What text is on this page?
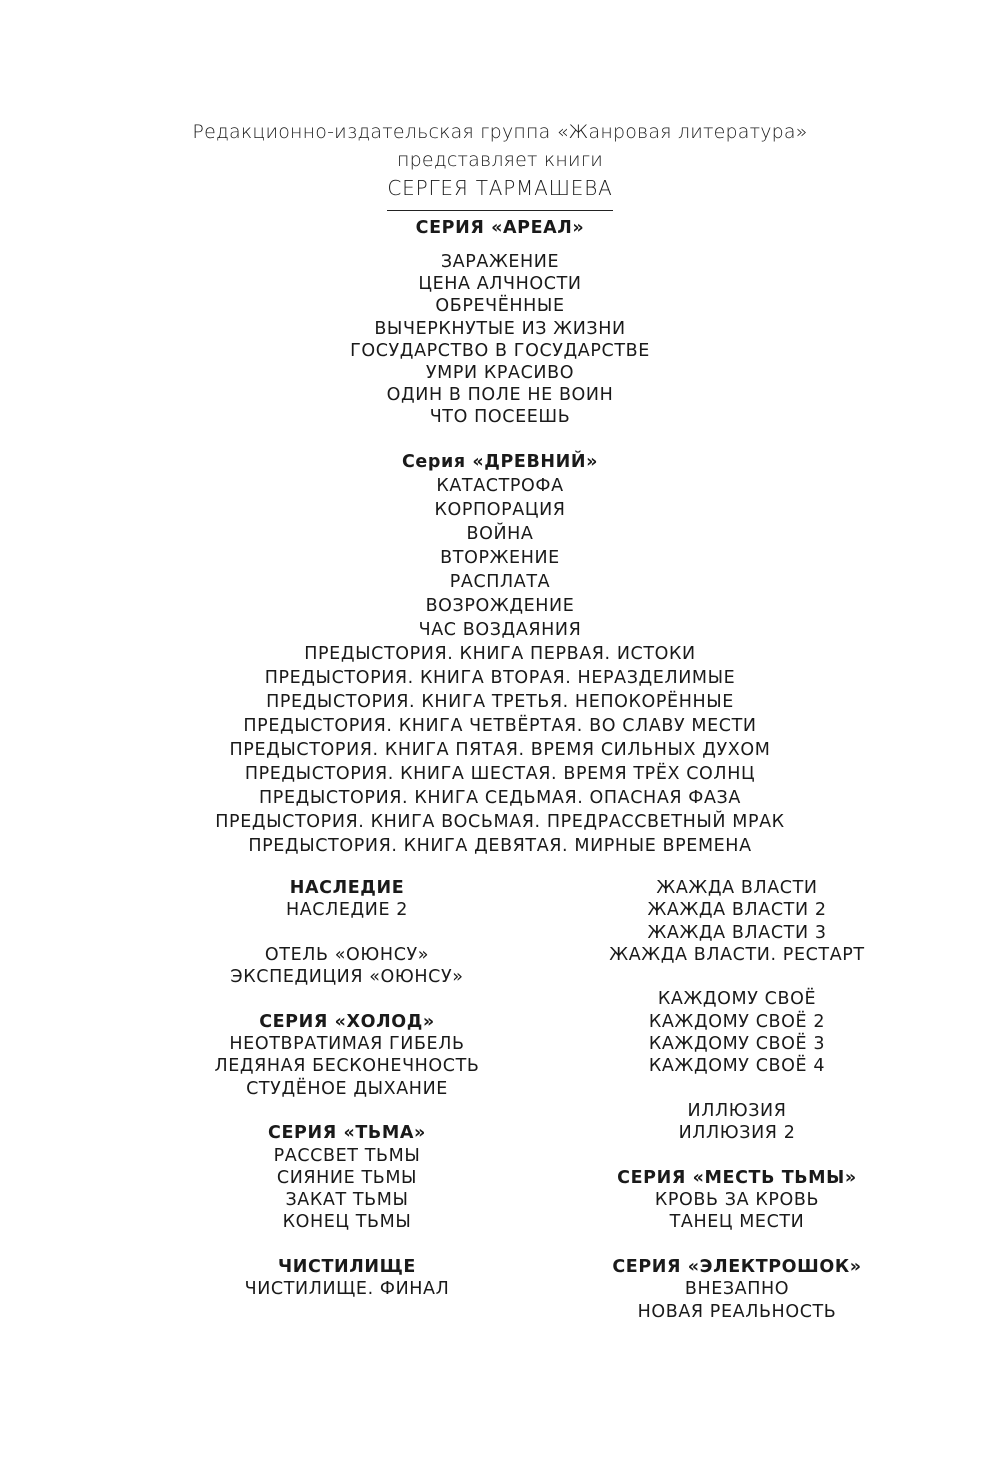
Редакционно-издательская группа «Жанровая литература»
представляет книги
СЕРГЕЯ ТАРМАШЕВА
СЕРИЯ «АРЕАЛ»
ЗАРАЖЕНИЕ
ЦЕНА АЛЧНОСТИ
ОБРЕЧЁННЫЕ
ВЫЧЕРКНУТЫЕ ИЗ ЖИЗНИ
ГОСУДАРСТВО В ГОСУДАРСТВЕ
УМРИ КРАСИВО
ОДИН В ПОЛЕ НЕ ВОИН
ЧТО ПОСЕЕШЬ
Серия «ДРЕВНИЙ»
КАТАСТРОФА
КОРПОРАЦИЯ
ВОЙНА
ВТОРЖЕНИЕ
РАСПЛАТА
ВОЗРОЖДЕНИЕ
ЧАС ВОЗДАЯНИЯ
ПРЕДЫСТОРИЯ. КНИГА ПЕРВАЯ. ИСТОКИ
ПРЕДЫСТОРИЯ. КНИГА ВТОРАЯ. НЕРАЗДЕЛИМЫЕ
ПРЕДЫСТОРИЯ. КНИГА ТРЕТЬЯ. НЕПОКОРЁННЫЕ
ПРЕДЫСТОРИЯ. КНИГА ЧЕТВЁРТАЯ. ВО СЛАВУ МЕСТИ
ПРЕДЫСТОРИЯ. КНИГА ПЯТАЯ. ВРЕМЯ СИЛЬНЫХ ДУХОМ
ПРЕДЫСТОРИЯ. КНИГА ШЕСТАЯ. ВРЕМЯ ТРЁХ СОЛНЦ
ПРЕДЫСТОРИЯ. КНИГА СЕДЬМАЯ. ОПАСНАЯ ФАЗА
ПРЕДЫСТОРИЯ. КНИГА ВОСЬМАЯ. ПРЕДРАССВЕТНЫЙ МРАК
ПРЕДЫСТОРИЯ. КНИГА ДЕВЯТАЯ. МИРНЫЕ ВРЕМЕНА
НАСЛЕДИЕ
НАСЛЕДИЕ 2
ОТЕЛЬ «ОЮНСУ»
ЭКСПЕДИЦИЯ «ОЮНСУ»
СЕРИЯ «ХОЛОД»
НЕОТВРАТИМАЯ ГИБЕЛЬ
ЛЕДЯНАЯ БЕСКОНЕЧНОСТЬ
СТУДЁНОЕ ДЫХАНИЕ
СЕРИЯ «ТЬМА»
РАССВЕТ ТЬМЫ
СИЯНИЕ ТЬМЫ
ЗАКАТ ТЬМЫ
КОНЕЦ ТЬМЫ
ЧИСТИЛИЩЕ
ЧИСТИЛИЩЕ. ФИНАЛ
ЖАЖДА ВЛАСТИ
ЖАЖДА ВЛАСТИ 2
ЖАЖДА ВЛАСТИ 3
ЖАЖДА ВЛАСТИ. РЕСТАРТ
КАЖДОМУ СВОЁ
КАЖДОМУ СВОЁ 2
КАЖДОМУ СВОЁ 3
КАЖДОМУ СВОЁ 4
ИЛЛЮЗИЯ
ИЛЛЮЗИЯ 2
СЕРИЯ «МЕСТЬ ТЬМЫ»
КРОВЬ ЗА КРОВЬ
ТАНЕЦ МЕСТИ
СЕРИЯ «ЭЛЕКТРОШОК»
ВНЕЗАПНО
НОВАЯ РЕАЛЬНОСТЬ
